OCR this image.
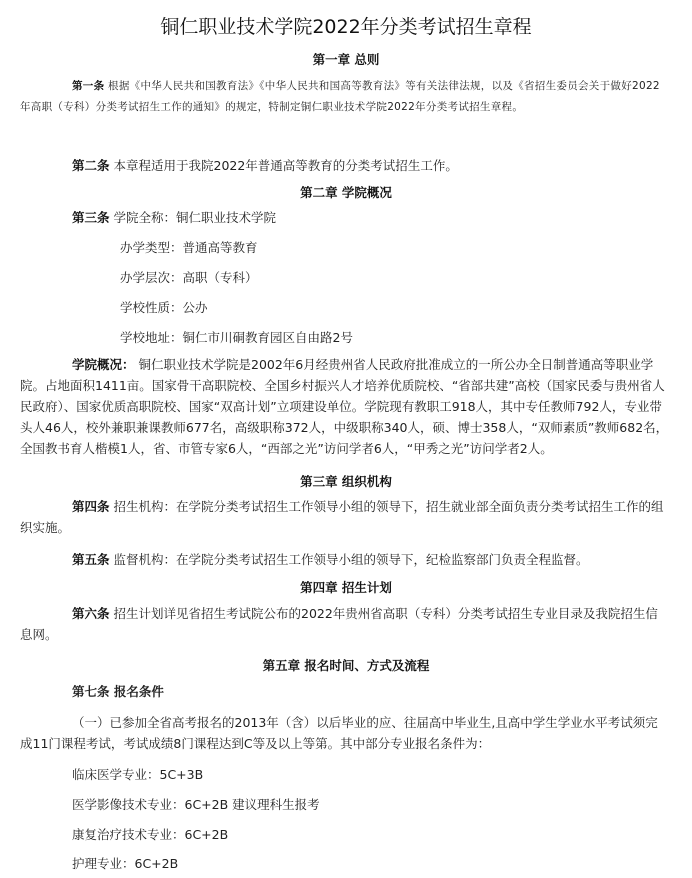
铜仁职业技术学院2022年分类考试招生章程
第一章 总则
第一条 根据《中华人民共和国教育法》《中华人民共和国高等教育法》等有关法律法规，以及《省招生委员会关于做好2022年高职（专科）分类考试招生工作的通知》的规定，特制定铜仁职业技术学院2022年分类考试招生章程。
第二条 本章程适用于我院2022年普通高等教育的分类考试招生工作。
第二章 学院概况
第三条 学院全称：铜仁职业技术学院
办学类型：普通高等教育
办学层次：高职（专科）
学校性质：公办
学校地址：铜仁市川硐教育园区自由路2号
学院概况： 铜仁职业技术学院是2002年6月经贵州省人民政府批准成立的一所公办全日制普通高等职业学院。占地面积1411亩。国家骨干高职院校、全国乡村振兴人才培养优质院校、“省部共建”高校（国家民委与贵州省人民政府）、国家优质高职院校、国家“双高计划”立项建设单位。学院现有教职工918人，其中专任教师792人，专业带头人46人，校外兼职兼课教师677名，高级职称372人，中级职称340人，硕、博士358人，“双师素质”教师682名，全国教书育人楷模1人，省、市管专家6人，“西部之光”访问学者6人，“甲秀之光”访问学者2人。
第三章 组织机构
第四条 招生机构：在学院分类考试招生工作领导小组的领导下，招生就业部全面负责分类考试招生工作的组织实施。
第五条 监督机构：在学院分类考试招生工作领导小组的领导下，纪检监察部门负责全程监督。
第四章 招生计划
第六条 招生计划详见省招生考试院公布的2022年贵州省高职（专科）分类考试招生专业目录及我院招生信息网。
第五章 报名时间、方式及流程
第七条 报名条件
（一）已参加全省高考报名的2013年（含）以后毕业的应、往届高中毕业生,且高中学生学业水平考试须完成11门课程考试，考试成绩8门课程达到C等及以上等第。其中部分专业报名条件为：
临床医学专业：5C+3B
医学影像技术专业：6C+2B 建议理科生报考
康复治疗技术专业：6C+2B
护理专业：6C+2B
